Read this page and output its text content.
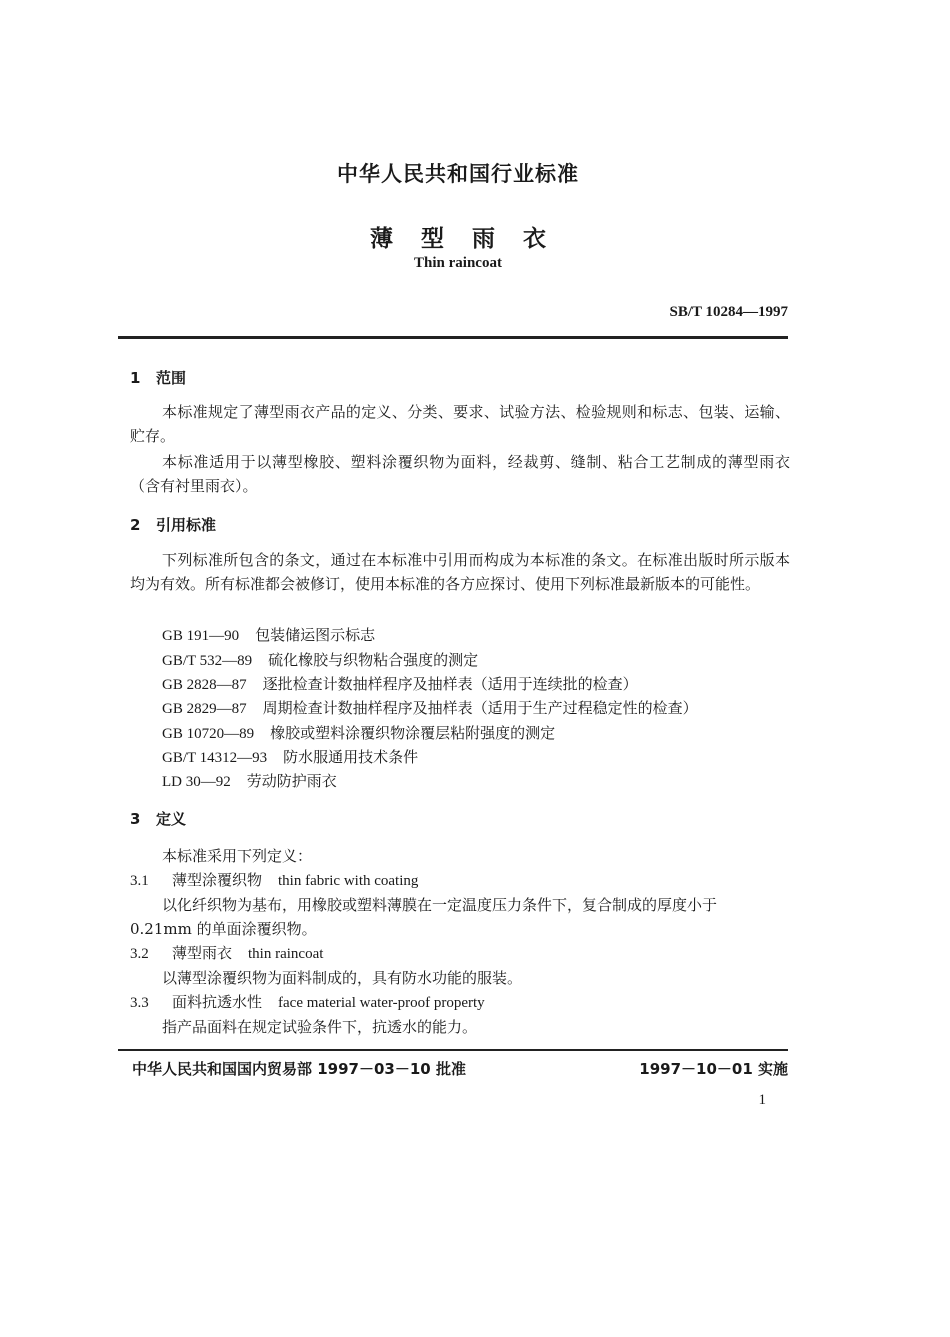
中华人民共和国行业标准
薄 型 雨 衣
Thin raincoat
SB/T 10284—1997
1 范围
本标准规定了薄型雨衣产品的定义、分类、要求、试验方法、检验规则和标志、包装、运输、贮存。
本标准适用于以薄型橡胶、塑料涂覆织物为面料，经裁剪、缝制、粘合工艺制成的薄型雨衣（含有衬里雨衣）。
2 引用标准
下列标准所包含的条文，通过在本标准中引用而构成为本标准的条文。在标准出版时所示版本均为有效。所有标准都会被修订，使用本标准的各方应探讨、使用下列标准最新版本的可能性。
GB 191—90 包装储运图示标志
GB/T 532—89 硫化橡胶与织物粘合强度的测定
GB 2828—87 逐批检查计数抽样程序及抽样表（适用于连续批的检查）
GB 2829—87 周期检查计数抽样程序及抽样表（适用于生产过程稳定性的检查）
GB 10720—89 橡胶或塑料涂覆织物涂覆层粘附强度的测定
GB/T 14312—93 防水服通用技术条件
LD 30—92 劳动防护雨衣
3 定义
本标准采用下列定义：
3.1 薄型涂覆织物 thin fabric with coating
以化纤织物为基布，用橡胶或塑料薄膜在一定温度压力条件下，复合制成的厚度小于
0.21mm 的单面涂覆织物。
3.2 薄型雨衣 thin raincoat
以薄型涂覆织物为面料制成的，具有防水功能的服装。
3.3 面料抗透水性 face material water-proof property
指产品面料在规定试验条件下，抗透水的能力。
中华人民共和国国内贸易部 1997－03－10 批准	1997－10－01 实施
1
